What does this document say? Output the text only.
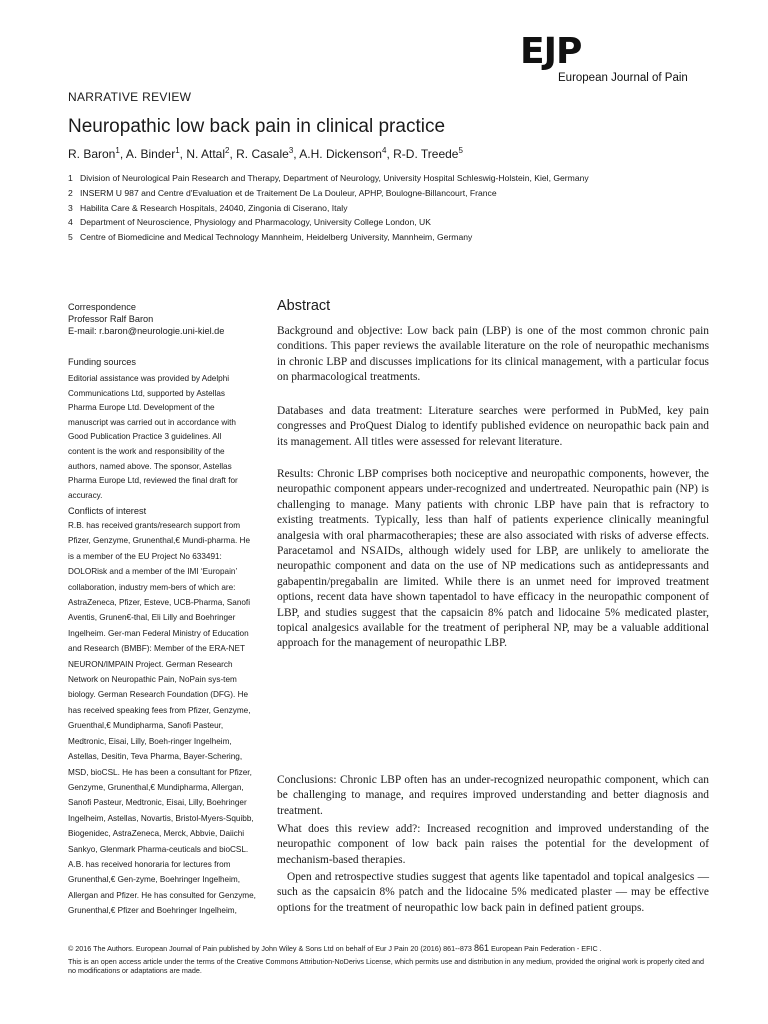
EJP
European Journal of Pain
NARRATIVE REVIEW
Neuropathic low back pain in clinical practice
R. Baron$^1$, A. Binder$^1$, N. Attal$^2$, R. Casale$^3$, A.H. Dickenson$^4$, R-D. Treede$^5$
1 Division of Neurological Pain Research and Therapy, Department of Neurology, University Hospital Schleswig-Holstein, Kiel, Germany
2 INSERM U 987 and Centre d'Evaluation et de Traitement De La Douleur, APHP, Boulogne-Billancourt, France
3 Habilita Care & Research Hospitals, 24040, Zingonia di Ciserano, Italy
4 Department of Neuroscience, Physiology and Pharmacology, University College London, UK
5 Centre of Biomedicine and Medical Technology Mannheim, Heidelberg University, Mannheim, Germany
Correspondence
Professor Ralf Baron
E-mail: r.baron@neurologie.uni-kiel.de
Funding sources
Editorial assistance was provided by Adelphi Communications Ltd, supported by Astellas Pharma Europe Ltd. Development of the manuscript was carried out in accordance with Good Publication Practice 3 guidelines. All content is the work and responsibility of the authors, named above. The sponsor, Astellas Pharma Europe Ltd, reviewed the final draft for accuracy.
Conflicts of interest
R.B. has received grants/research support from Pfizer, Genzyme, Grunenthal,€ Mundi-pharma. He is a member of the EU Project No 633491: DOLORisk and a member of the IMI ‘Europain’ collaboration, industry mem-bers of which are: AstraZeneca, Pfizer, Esteve, UCB-Pharma, Sanofi Aventis, Grunen€-thal, Eli Lilly and Boehringer Ingelheim. Ger-man Federal Ministry of Education and Research (BMBF): Member of the ERA-NET NEURON/IMPAIN Project. German Research Network on Neuropathic Pain, NoPain sys-tem biology. German Research Foundation (DFG). He has received speaking fees from Pfizer, Genzyme, Gruenthal,€ Mundipharma, Sanofi Pasteur, Medtronic, Eisai, Lilly, Boeh-ringer Ingelheim, Astellas, Desitin, Teva Pharma, Bayer-Schering, MSD, bioCSL. He has been a consultant for Pfizer, Genzyme, Grunenthal,€ Mundipharma, Allergan, Sanofi Pasteur, Medtronic, Eisai, Lilly, Boehringer Ingelheim, Astellas, Novartis, Bristol-Myers-Squibb, Biogenidec, AstraZeneca, Merck, Abbvie, Daiichi Sankyo, Glenmark Pharma-ceuticals and bioCSL. A.B. has received honoraria for lectures from Grunenthal,€ Gen-zyme, Boehringer Ingelheim, Allergan and Pfizer. He has consulted for Genzyme, Grunenthal,€ Pfizer and Boehringer Ingelheim,
Abstract

Background and objective: Low back pain (LBP) is one of the most common chronic pain conditions. This paper reviews the available literature on the role of neuropathic mechanisms in chronic LBP and discusses implications for its clinical management, with a particular focus on pharmacological treatments.

Databases and data treatment: Literature searches were performed in PubMed, key pain congresses and ProQuest Dialog to identify published evidence on neuropathic back pain and its management. All titles were assessed for relevant literature.

Results: Chronic LBP comprises both nociceptive and neuropathic components, however, the neuropathic component appears under-recognized and undertreated. Neuropathic pain (NP) is challenging to manage. Many patients with chronic LBP have pain that is refractory to existing treatments. Typically, less than half of patients experience clinically meaningful analgesia with oral pharmacotherapies; these are also associated with risks of adverse effects. Paracetamol and NSAIDs, although widely used for LBP, are unlikely to ameliorate the neuropathic component and data on the use of NP medications such as antidepressants and gabapentin/pregabalin are limited. While there is an unmet need for improved treatment options, recent data have shown tapentadol to have efficacy in the neuropathic component of LBP, and studies suggest that the capsaicin 8% patch and lidocaine 5% medicated plaster, topical analgesics available for the treatment of peripheral NP, may be a valuable additional approach for the management of neuropathic LBP.

Conclusions: Chronic LBP often has an under-recognized neuropathic component, which can be challenging to manage, and requires improved understanding and better diagnosis and treatment.

What does this review add?: Increased recognition and improved understanding of the neuropathic component of low back pain raises the potential for the development of mechanism-based therapies.

Open and retrospective studies suggest that agents like tapentadol and topical analgesics — such as the capsaicin 8% patch and the lidocaine 5% medicated plaster — may be effective options for the treatment of neuropathic low back pain in defined patient groups.

© 2016 The Authors. European Journal of Pain published by John Wiley & Sons Ltd on behalf of Eur J Pain 20 (2016) 861--873 861 European Pain Federation - EFIC .

This is an open access article under the terms of the Creative Commons Attribution-NoDerivs License, which permits use and distribution in any medium, provided the original work is properly cited and no modifications or adaptations are made.
